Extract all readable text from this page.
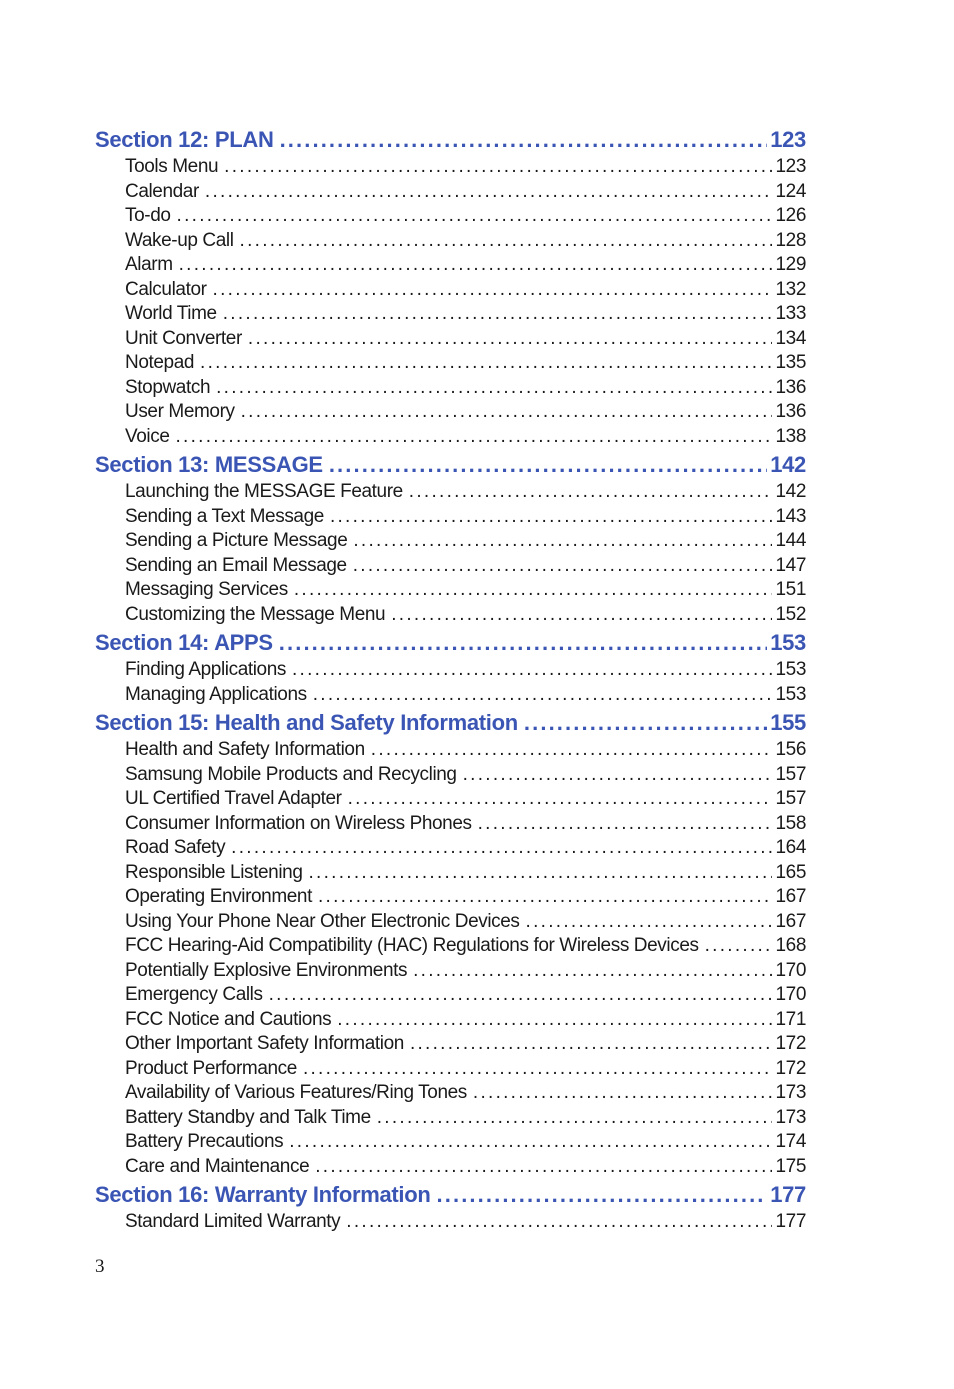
Section 12: PLAN . . .	123
Tools Menu . . .	123
Calendar . . .	124
To-do . . .	126
Wake-up Call . . .	128
Alarm . . .	129
Calculator . . .	132
World Time . . .	133
Unit Converter . . .	134
Notepad . . .	135
Stopwatch . . .	136
User Memory . . .	136
Voice . . .	138
Section 13: MESSAGE . . .	142
Launching the MESSAGE Feature . . .	142
Sending a Text Message . . .	143
Sending a Picture Message . . .	144
Sending an Email Message . . .	147
Messaging Services . . .	151
Customizing the Message Menu . . .	152
Section 14: APPS . . .	153
Finding Applications . . .	153
Managing Applications . . .	153
Section 15: Health and Safety Information . . .	155
Health and Safety Information . . .	156
Samsung Mobile Products and Recycling . . .	157
UL Certified Travel Adapter . . .	157
Consumer Information on Wireless Phones . . .	158
Road Safety . . .	164
Responsible Listening . . .	165
Operating Environment . . .	167
Using Your Phone Near Other Electronic Devices . . .	167
FCC Hearing-Aid Compatibility (HAC) Regulations for Wireless Devices . . .	168
Potentially Explosive Environments . . .	170
Emergency Calls . . .	170
FCC Notice and Cautions . . .	171
Other Important Safety Information . . .	172
Product Performance . . .	172
Availability of Various Features/Ring Tones . . .	173
Battery Standby and Talk Time . . .	173
Battery Precautions . . .	174
Care and Maintenance . . .	175
Section 16: Warranty Information . . .	177
Standard Limited Warranty . . .	177
3
